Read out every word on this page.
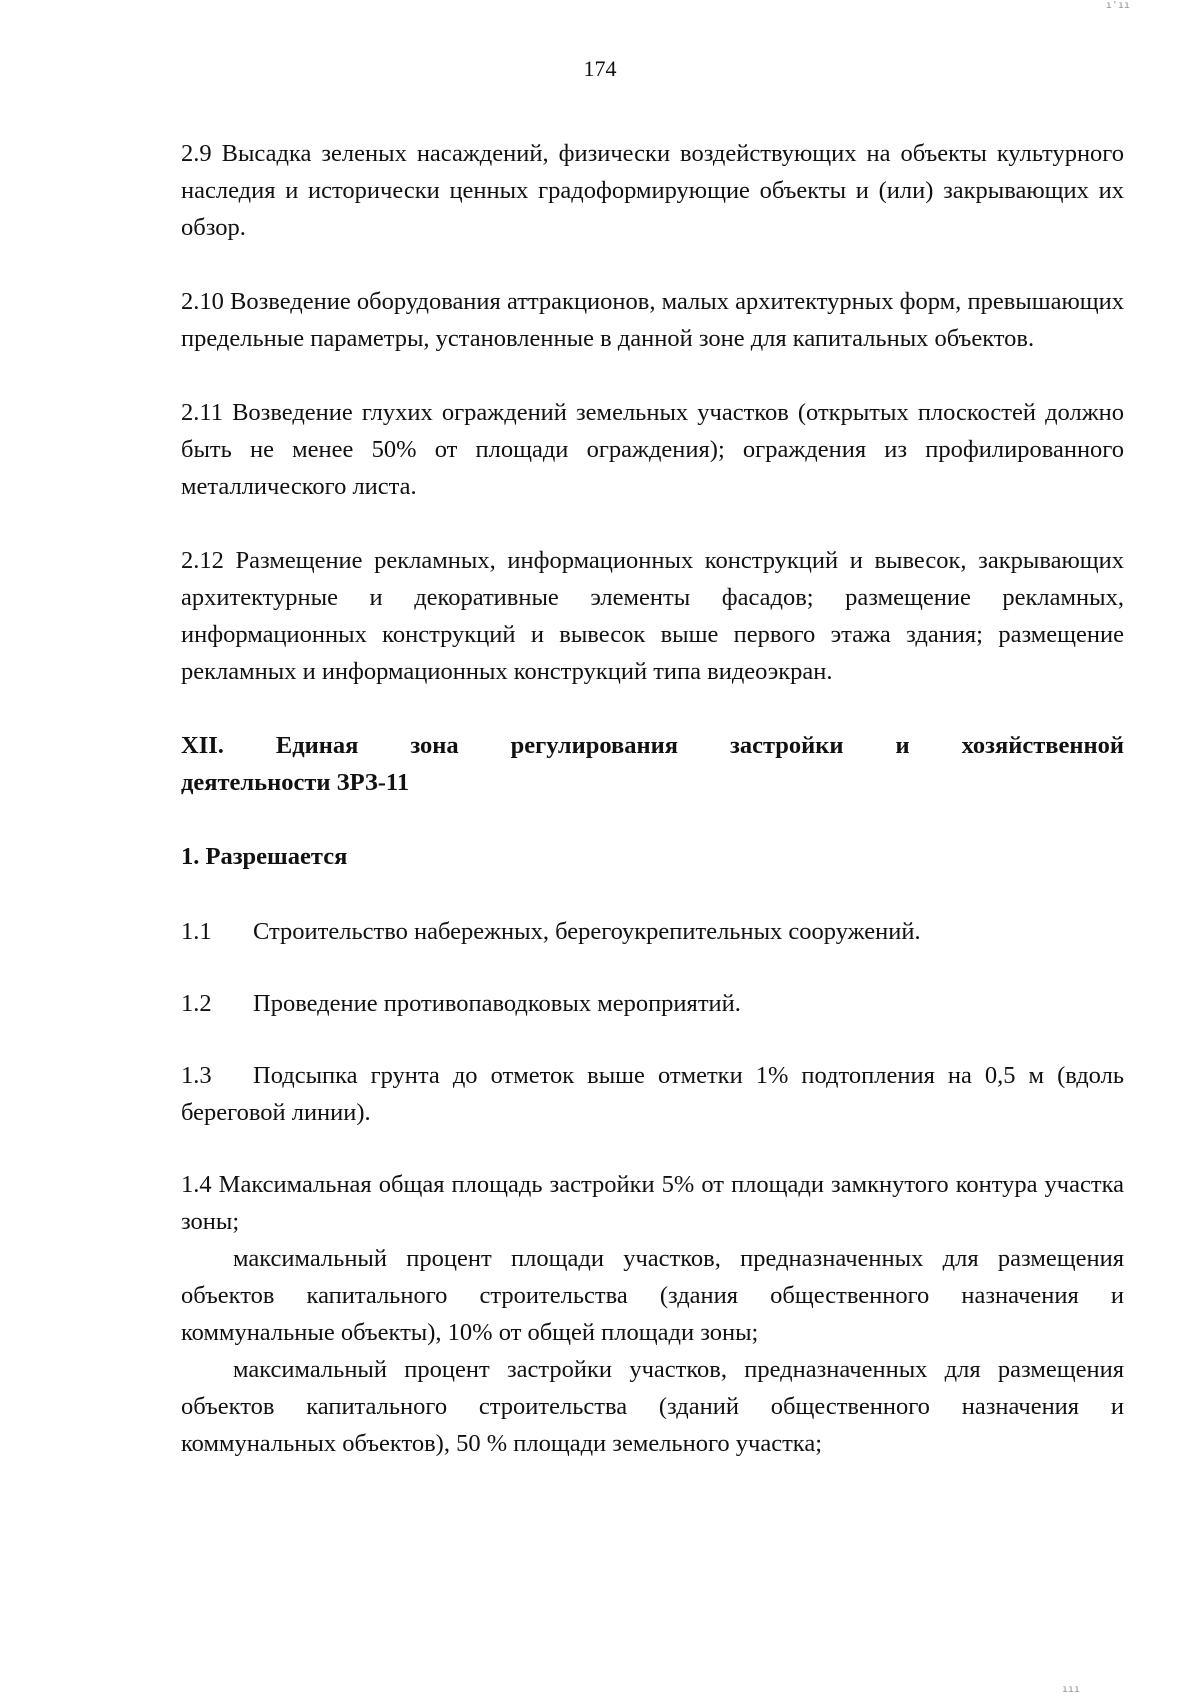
ı'ıı
174

2.9 Высадка зеленых насаждений, физически воздействующих на объекты культурного наследия и исторически ценных градоформирующие объекты и (или) закрывающих их обзор.

2.10 Возведение оборудования аттракционов, малых архитектурных форм, превышающих предельные параметры, установленные в данной зоне для капитальных объектов.

2.11 Возведение глухих ограждений земельных участков (открытых плоскостей должно быть не менее 50% от площади ограждения); ограждения из профилированного металлического листа.

2.12 Размещение рекламных, информационных конструкций и вывесок, закрывающих архитектурные и декоративные элементы фасадов; размещение рекламных, информационных конструкций и вывесок выше первого этажа здания; размещение рекламных и информационных конструкций типа видеоэкран.

XII. Единая зона регулирования застройки и хозяйственной
деятельности ЗРЗ-11
1. Разрешается
1.1 Строительство набережных, берегоукрепительных сооружений.
1.2 Проведение противопаводковых мероприятий.
1.3 Подсыпка грунта до отметок выше отметки 1% подтопления на 0,5 м (вдоль береговой линии).

1.4 Максимальная общая площадь застройки 5% от площади замкнутого контура участка зоны;

максимальный процент площади участков, предназначенных для размещения объектов капитального строительства (здания общественного назначения и коммунальные объекты), 10% от общей площади зоны;

максимальный процент застройки участков, предназначенных для размещения объектов капитального строительства (зданий общественного назначения и коммунальных объектов), 50 % площади земельного участка;

ııı
